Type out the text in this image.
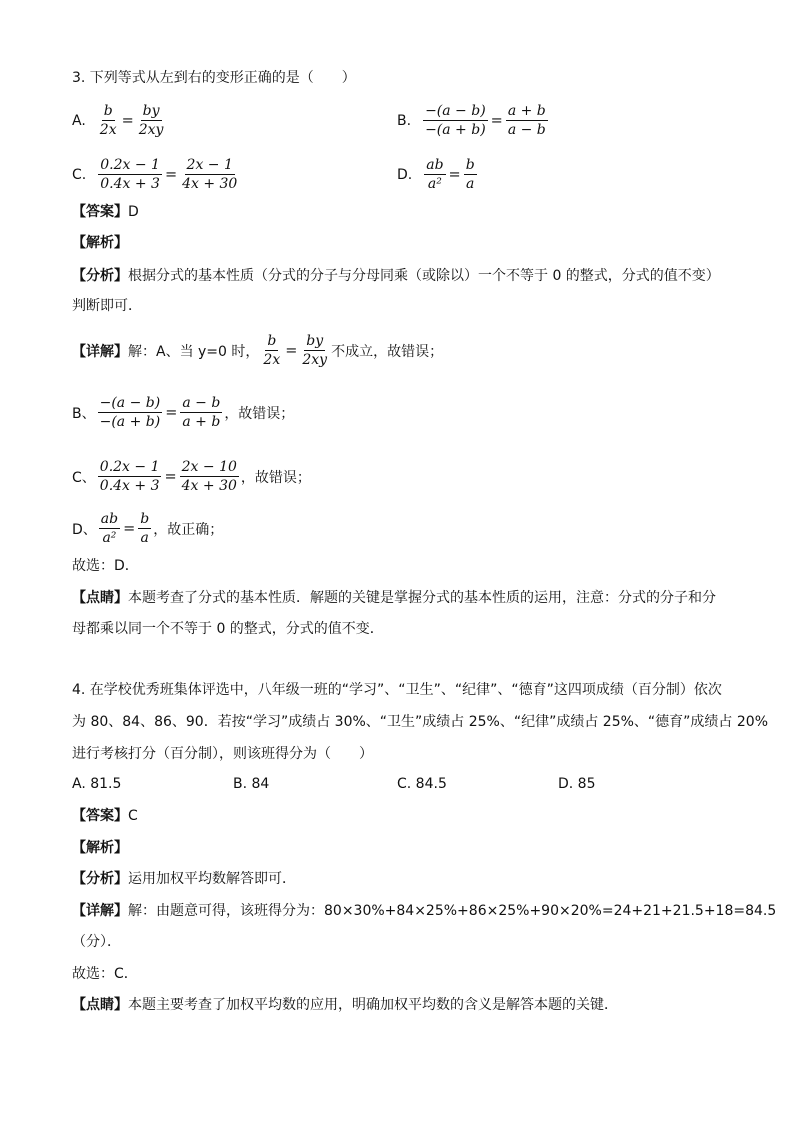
3. 下列等式从左到右的变形正确的是（　　）
A. $\frac{b}{2x} = \frac{by}{2xy}$	B. $\frac{-(a - b)}{-(a + b)} = \frac{a + b}{a - b}$
C. $\frac{0.2x - 1}{0.4x + 3} = \frac{2x - 1}{4x + 30}$	D. $\frac{ab}{\text{a²}} = \frac{b}{a}$
【答案】D
【解析】
【分析】根据分式的基本性质（分式的分子与分母同乘（或除以）一个不等于 0 的整式，分式的值不变）
判断即可．
【详解】 解：A、当 y=0 时， $\frac{b}{2x} = \frac{by}{2xy}$ 不成立，故错误；
B、 $\frac{-(a - b)}{-(a + b)} = \frac{a - b}{a + b}$ ，故错误；
C、 $\frac{0.2x - 1}{0.4x + 3} = \frac{2x - 10}{4x + 30}$ ，故错误；
D、 $\frac{ab}{\text{a²}} = \frac{b}{a}$ ，故正确；
故选：D．
【点睛】本题考查了分式的基本性质．解题的关键是掌握分式的基本性质的运用，注意：分式的分子和分
母都乘以同一个不等于 0 的整式，分式的值不变．
4. 在学校优秀班集体评选中，八年级一班的“学习”、“卫生”、“纪律”、“德育”这四项成绩（百分制）依次
为 80、84、86、90．若按“学习”成绩占 30%、“卫生”成绩占 25%、“纪律”成绩占 25%、“德育”成绩占 20%
进行考核打分（百分制），则该班得分为（　　）
A. 81.5	B. 84	C. 84.5	D. 85
【答案】C
【解析】
【分析】运用加权平均数解答即可．
【详解】解：由题意可得，该班得分为：80×30%+84×25%+86×25%+90×20%=24+21+21.5+18=84.5
（分）．
故选：C．
【点睛】本题主要考查了加权平均数的应用，明确加权平均数的含义是解答本题的关键．
